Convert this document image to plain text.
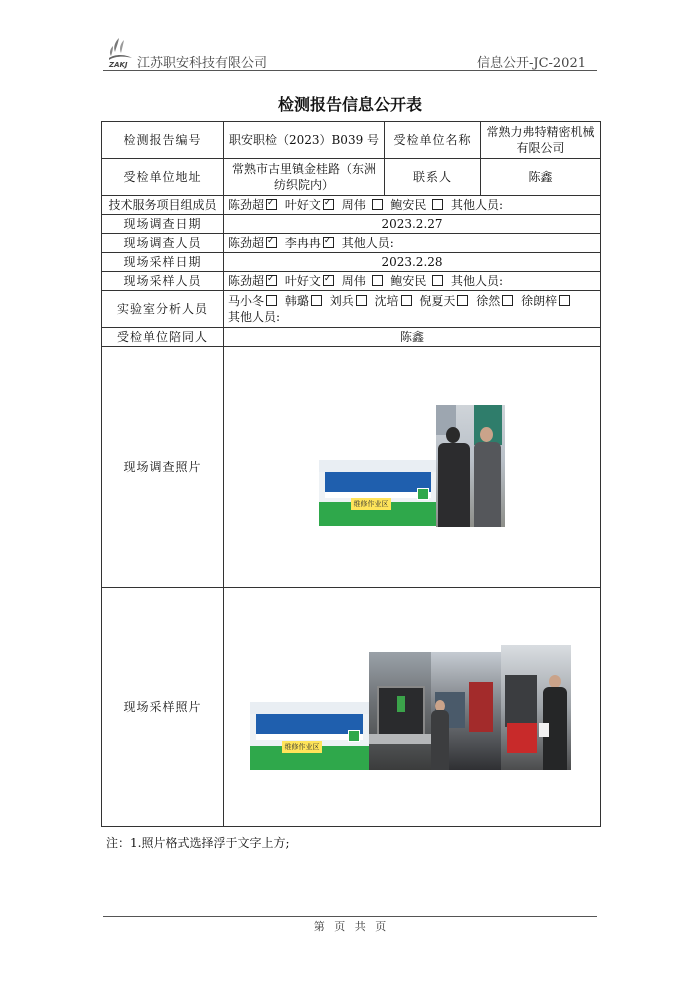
ZAKJ 江苏职安科技有限公司	信息公开-JC-2021
检测报告信息公开表
检测报告编号	职安职检（2023）B039 号	受检单位名称	常熟力弗特精密机械有限公司
受检单位地址	常熟市古里镇金桂路（东洲纺织院内）	联系人	陈鑫
技术服务项目组成员	陈劲超 ✓ 叶好文 ✓ 周伟 鲍安民 其他人员:
现场调查日期	2023.2.27		
现场调查人员	陈劲超 ✓ 李冉冉 ✓ 其他人员:
现场采样日期	2023.2.28		
现场采样人员	陈劲超 ✓ 叶好文 ✓ 周伟 鲍安民 其他人员:
实验室分析人员	马小冬 韩璐 刘兵 沈培 倪夏天 徐然 徐朗梓
其他人员:		
受检单位陪同人	陈鑫		
现场调查照片	维修作业区		

现场采样照片	维修作业区		
注：1.照片格式选择浮于文字上方;
第 页 共 页
